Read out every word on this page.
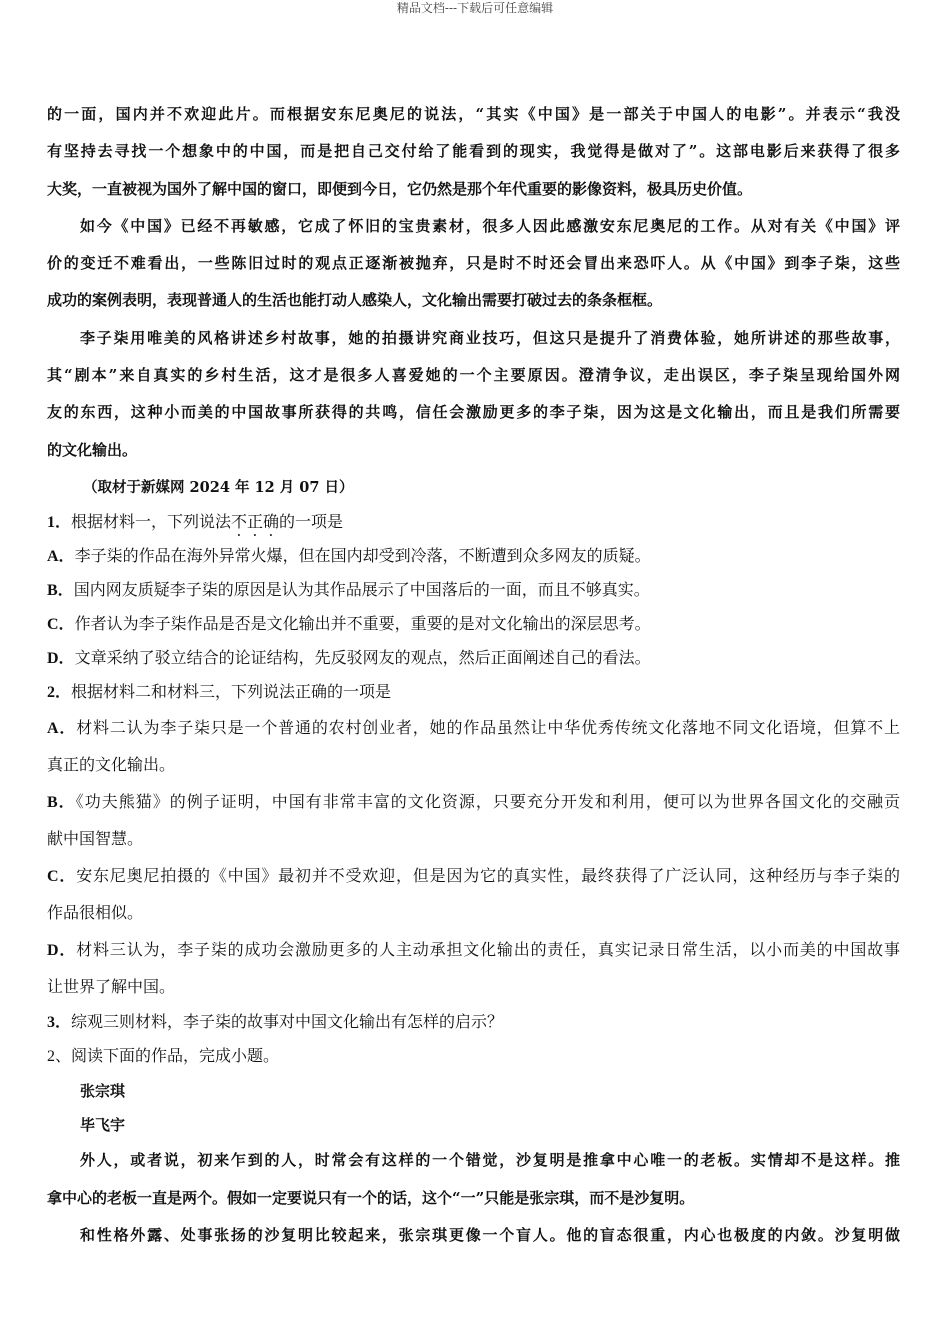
精品文档---下载后可任意编辑

的一面，国内并不欢迎此片。而根据安东尼奥尼的说法，“其实《中国》是一部关于中国人的电影”。并表示“我没

有坚持去寻找一个想象中的中国，而是把自己交付给了能看到的现实，我觉得是做对了”。这部电影后来获得了很多

大奖，一直被视为国外了解中国的窗口，即便到今日，它仍然是那个年代重要的影像资料，极具历史价值。

如今《中国》已经不再敏感，它成了怀旧的宝贵素材，很多人因此感激安东尼奥尼的工作。从对有关《中国》评

价的变迁不难看出，一些陈旧过时的观点正逐渐被抛弃，只是时不时还会冒出来恐吓人。从《中国》到李子柒，这些

成功的案例表明，表现普通人的生活也能打动人感染人，文化输出需要打破过去的条条框框。

李子柒用唯美的风格讲述乡村故事，她的拍摄讲究商业技巧，但这只是提升了消费体验，她所讲述的那些故事，

其“剧本”来自真实的乡村生活，这才是很多人喜爱她的一个主要原因。澄清争议，走出误区，李子柒呈现给国外网

友的东西，这种小而美的中国故事所获得的共鸣，信任会激励更多的李子柒，因为这是文化输出，而且是我们所需要

的文化输出。

（取材于新媒网 2024 年 12 月 07 日）

1．根据材料一，下列说法不正确的一项是

A．李子柒的作品在海外异常火爆，但在国内却受到冷落，不断遭到众多网友的质疑。

B．国内网友质疑李子柒的原因是认为其作品展示了中国落后的一面，而且不够真实。

C．作者认为李子柒作品是否是文化输出并不重要，重要的是对文化输出的深层思考。

D．文章采纳了驳立结合的论证结构，先反驳网友的观点，然后正面阐述自己的看法。

2．根据材料二和材料三，下列说法正确的一项是

A．材料二认为李子柒只是一个普通的农村创业者，她的作品虽然让中华优秀传统文化落地不同文化语境，但算不上

真正的文化输出。

B．《功夫熊猫》的例子证明，中国有非常丰富的文化资源，只要充分开发和利用，便可以为世界各国文化的交融贡

献中国智慧。

C．安东尼奥尼拍摄的《中国》最初并不受欢迎，但是因为它的真实性，最终获得了广泛认同，这种经历与李子柒的

作品很相似。

D．材料三认为，李子柒的成功会激励更多的人主动承担文化输出的责任，真实记录日常生活，以小而美的中国故事

让世界了解中国。

3．综观三则材料，李子柒的故事对中国文化输出有怎样的启示？

2、阅读下面的作品，完成小题。

张宗琪

毕飞宇

外人，或者说，初来乍到的人，时常会有这样的一个错觉，沙复明是推拿中心唯一的老板。实情却不是这样。推

拿中心的老板一直是两个。假如一定要说只有一个的话，这个“一”只能是张宗琪，而不是沙复明。

和性格外露、处事张扬的沙复明比较起来，张宗琪更像一个盲人。他的盲态很重，内心也极度的内敛。沙复明做
